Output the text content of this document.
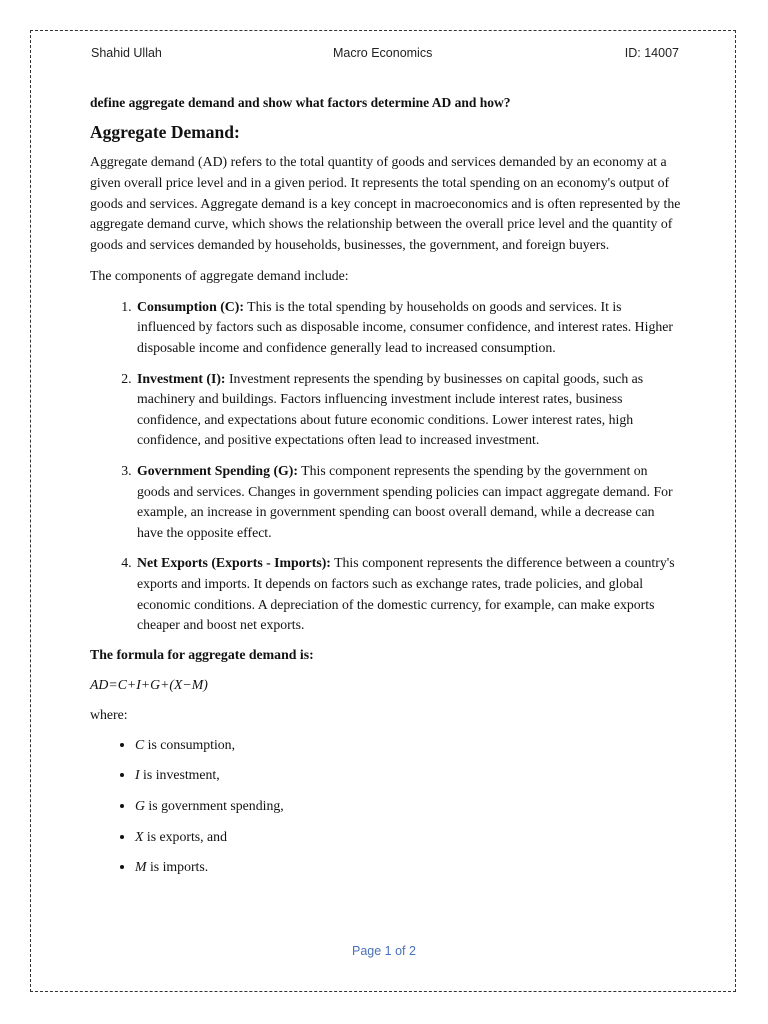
Shahid Ullah	Macro Economics	ID: 14007
define aggregate demand and show what factors determine AD and how?
Aggregate Demand:

Aggregate demand (AD) refers to the total quantity of goods and services demanded by an economy at a given overall price level and in a given period. It represents the total spending on an economy's output of goods and services. Aggregate demand is a key concept in macroeconomics and is often represented by the aggregate demand curve, which shows the relationship between the overall price level and the quantity of goods and services demanded by households, businesses, the government, and foreign buyers.

The components of aggregate demand include:

1. Consumption (C): This is the total spending by households on goods and services. It is influenced by factors such as disposable income, consumer confidence, and interest rates. Higher disposable income and confidence generally lead to increased consumption.
2. Investment (I): Investment represents the spending by businesses on capital goods, such as machinery and buildings. Factors influencing investment include interest rates, business confidence, and expectations about future economic conditions. Lower interest rates, high confidence, and positive expectations often lead to increased investment.
3. Government Spending (G): This component represents the spending by the government on goods and services. Changes in government spending policies can impact aggregate demand. For example, an increase in government spending can boost overall demand, while a decrease can have the opposite effect.
4. Net Exports (Exports - Imports): This component represents the difference between a country's exports and imports. It depends on factors such as exchange rates, trade policies, and global economic conditions. A depreciation of the domestic currency, for example, can make exports cheaper and boost net exports.
The formula for aggregate demand is:
AD=C+I+G+(X−M)
where:
• C is consumption,
• I is investment,
• G is government spending,
• X is exports, and
• M is imports.
Page 1 of 2
